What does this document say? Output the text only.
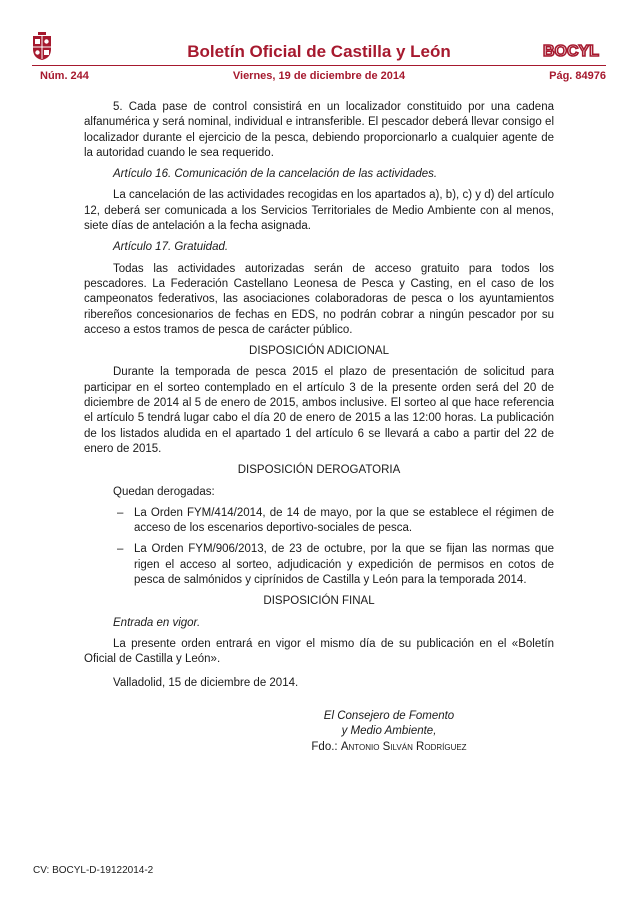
Boletín Oficial de Castilla y León	BOCYL
Núm. 244	Viernes, 19 de diciembre de 2014	Pág. 84976

5. Cada pase de control consistirá en un localizador constituido por una cadena alfanumérica y será nominal, individual e intransferible. El pescador deberá llevar consigo el localizador durante el ejercicio de la pesca, debiendo proporcionarlo a cualquier agente de la autoridad cuando le sea requerido.

Artículo 16. Comunicación de la cancelación de las actividades.

La cancelación de las actividades recogidas en los apartados a), b), c) y d) del artículo 12, deberá ser comunicada a los Servicios Territoriales de Medio Ambiente con al menos, siete días de antelación a la fecha asignada.

Artículo 17. Gratuidad.

Todas las actividades autorizadas serán de acceso gratuito para todos los pescadores. La Federación Castellano Leonesa de Pesca y Casting, en el caso de los campeonatos federativos, las asociaciones colaboradoras de pesca o los ayuntamientos ribereños concesionarios de fechas en EDS, no podrán cobrar a ningún pescador por su acceso a estos tramos de pesca de carácter público.

DISPOSICIÓN ADICIONAL

Durante la temporada de pesca 2015 el plazo de presentación de solicitud para participar en el sorteo contemplado en el artículo 3 de la presente orden será del 20 de diciembre de 2014 al 5 de enero de 2015, ambos inclusive. El sorteo al que hace referencia el artículo 5 tendrá lugar cabo el día 20 de enero de 2015 a las 12:00 horas. La publicación de los listados aludida en el apartado 1 del artículo 6 se llevará a cabo a partir del 22 de enero de 2015.

DISPOSICIÓN DEROGATORIA

Quedan derogadas:

– La Orden FYM/414/2014, de 14 de mayo, por la que se establece el régimen de acceso de los escenarios deportivo-sociales de pesca.

– La Orden FYM/906/2013, de 23 de octubre, por la que se fijan las normas que rigen el acceso al sorteo, adjudicación y expedición de permisos en cotos de pesca de salmónidos y ciprínidos de Castilla y León para la temporada 2014.

DISPOSICIÓN FINAL

Entrada en vigor.

La presente orden entrará en vigor el mismo día de su publicación en el «Boletín Oficial de Castilla y León».

Valladolid, 15 de diciembre de 2014.

El Consejero de Fomento
y Medio Ambiente,
Fdo.: Antonio Silván Rodríguez
CV: BOCYL-D-19122014-2
